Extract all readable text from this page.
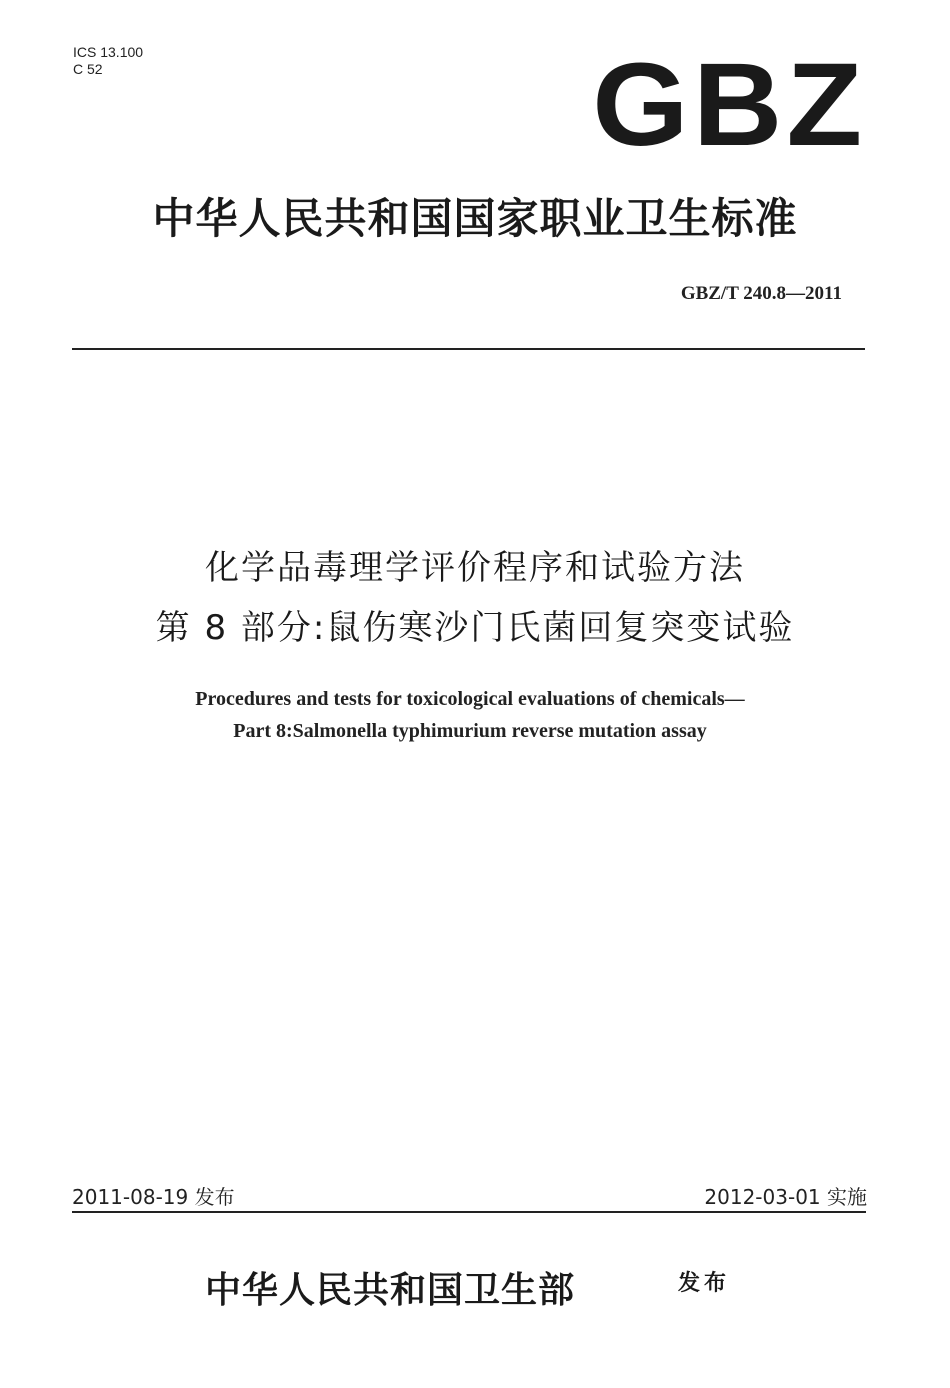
ICS 13.100
C 52	GBZ
中华人民共和国国家职业卫生标准
GBZ/T 240.8—2011
化学品毒理学评价程序和试验方法
第 8 部分:鼠伤寒沙门氏菌回复突变试验
Procedures and tests for toxicological evaluations of chemicals—
Part 8:Salmonella typhimurium reverse mutation assay
2011-08-19 发布	2012-03-01 实施
中华人民共和国卫生部	发布
